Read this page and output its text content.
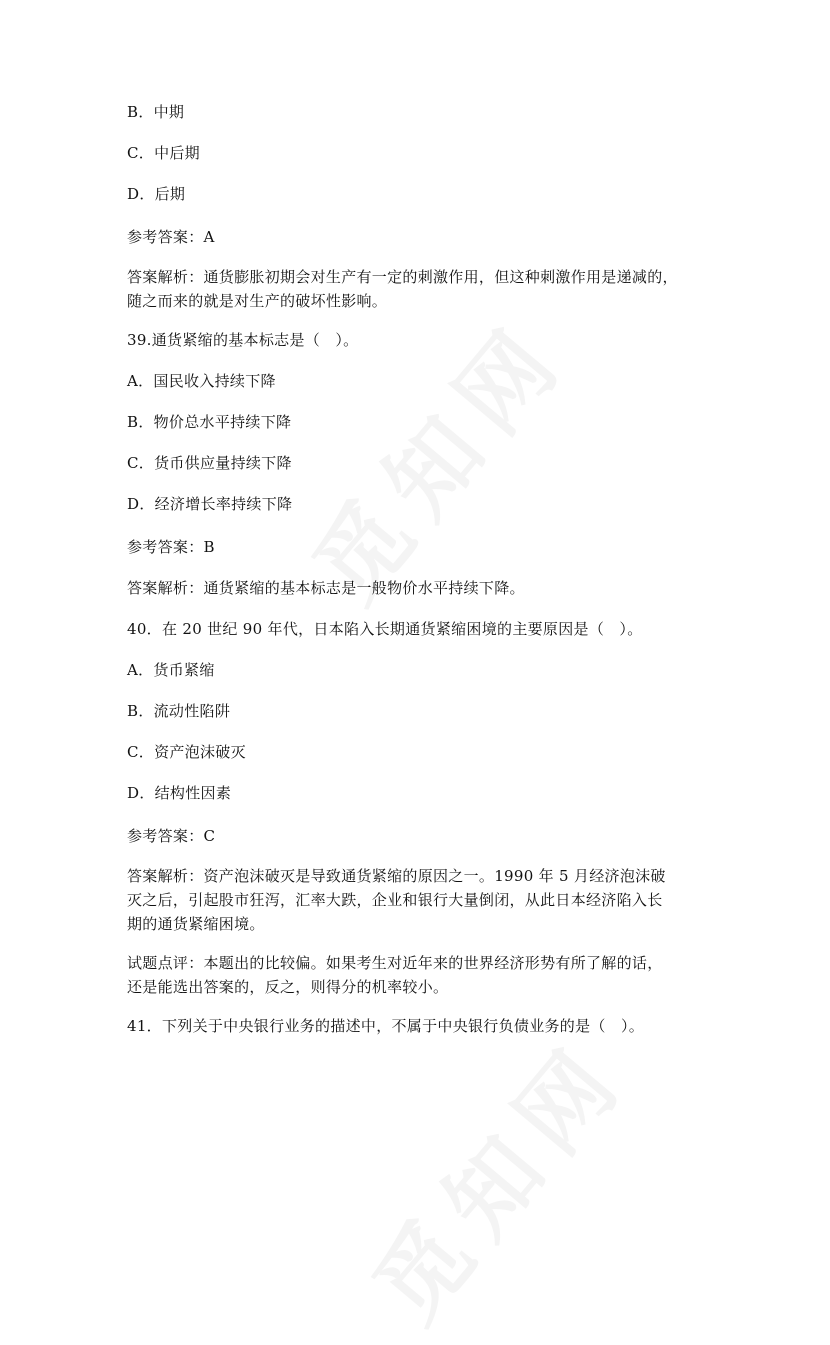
B．中期
C．中后期
D．后期
参考答案：A
答案解析：通货膨胀初期会对生产有一定的刺激作用，但这种刺激作用是递减的，
随之而来的就是对生产的破坏性影响。
39.通货紧缩的基本标志是（　）。
A．国民收入持续下降
B．物价总水平持续下降
C．货币供应量持续下降
D．经济增长率持续下降
参考答案：B
答案解析：通货紧缩的基本标志是一般物价水平持续下降。
40．在 20 世纪 90 年代，日本陷入长期通货紧缩困境的主要原因是（　）。
A．货币紧缩
B．流动性陷阱
C．资产泡沫破灭
D．结构性因素
参考答案：C
答案解析：资产泡沫破灭是导致通货紧缩的原因之一。1990 年 5 月经济泡沫破
灭之后，引起股市狂泻，汇率大跌，企业和银行大量倒闭，从此日本经济陷入长
期的通货紧缩困境。
试题点评：本题出的比较偏。如果考生对近年来的世界经济形势有所了解的话，
还是能选出答案的，反之，则得分的机率较小。
41．下列关于中央银行业务的描述中，不属于中央银行负债业务的是（　）。
